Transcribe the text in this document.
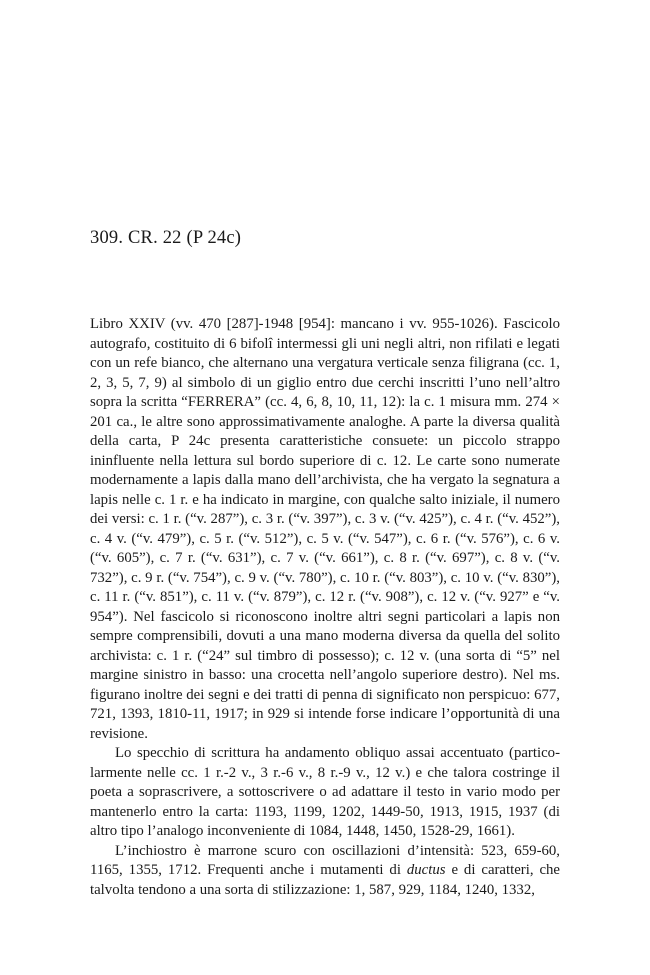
309. CR. 22 (P 24c)

Libro XXIV (vv. 470 [287]-1948 [954]: mancano i vv. 955-1026). Fascicolo autografo, costituito di 6 bifolî intermessi gli uni negli altri, non rifilati e legati con un refe bianco, che alternano una vergatura verticale senza filigrana (cc. 1, 2, 3, 5, 7, 9) al simbolo di un giglio entro due cerchi inscritti l’uno nell’altro sopra la scritta “FERRERA” (cc. 4, 6, 8, 10, 11, 12): la c. 1 misura mm. 274 × 201 ca., le altre sono approssimativamente analoghe. A parte la diversa qualità della carta, P 24c presenta caratteristiche consuete: un piccolo strappo ininfluente nella lettura sul bordo superiore di c. 12. Le carte sono numerate modernamente a lapis dalla mano dell’archivista, che ha vergato la segnatura a lapis nelle c. 1 r. e ha indicato in margine, con qualche salto iniziale, il numero dei versi: c. 1 r. (“v. 287”), c. 3 r. (“v. 397”), c. 3 v. (“v. 425”), c. 4 r. (“v. 452”), c. 4 v. (“v. 479”), c. 5 r. (“v. 512”), c. 5 v. (“v. 547”), c. 6 r. (“v. 576”), c. 6 v. (“v. 605”), c. 7 r. (“v. 631”), c. 7 v. (“v. 661”), c. 8 r. (“v. 697”), c. 8 v. (“v. 732”), c. 9 r. (“v. 754”), c. 9 v. (“v. 780”), c. 10 r. (“v. 803”), c. 10 v. (“v. 830”), c. 11 r. (“v. 851”), c. 11 v. (“v. 879”), c. 12 r. (“v. 908”), c. 12 v. (“v. 927” e “v. 954”). Nel fascicolo si riconoscono inoltre altri segni particolari a lapis non sempre comprensibili, dovuti a una mano moderna diversa da quella del solito archivista: c. 1 r. (“24” sul timbro di possesso); c. 12 v. (una sorta di “5” nel margine sinistro in basso: una crocetta nell’angolo superiore destro). Nel ms. figurano inoltre dei segni e dei tratti di penna di significato non perspicuo: 677, 721, 1393, 1810-11, 1917; in 929 si intende forse indicare l’opportunità di una revisione.

Lo specchio di scrittura ha andamento obliquo assai accentuato (particolarmente nelle cc. 1 r.-2 v., 3 r.-6 v., 8 r.-9 v., 12 v.) e che talora costringe il poeta a soprascrivere, a sottoscrivere o ad adattare il testo in vario modo per mantenerlo entro la carta: 1193, 1199, 1202, 1449-50, 1913, 1915, 1937 (di altro tipo l’analogo inconveniente di 1084, 1448, 1450, 1528-29, 1661).

L’inchiostro è marrone scuro con oscillazioni d’intensità: 523, 659-60, 1165, 1355, 1712. Frequenti anche i mutamenti di ductus e di caratteri, che talvolta tendono a una sorta di stilizzazione: 1, 587, 929, 1184, 1240, 1332,
